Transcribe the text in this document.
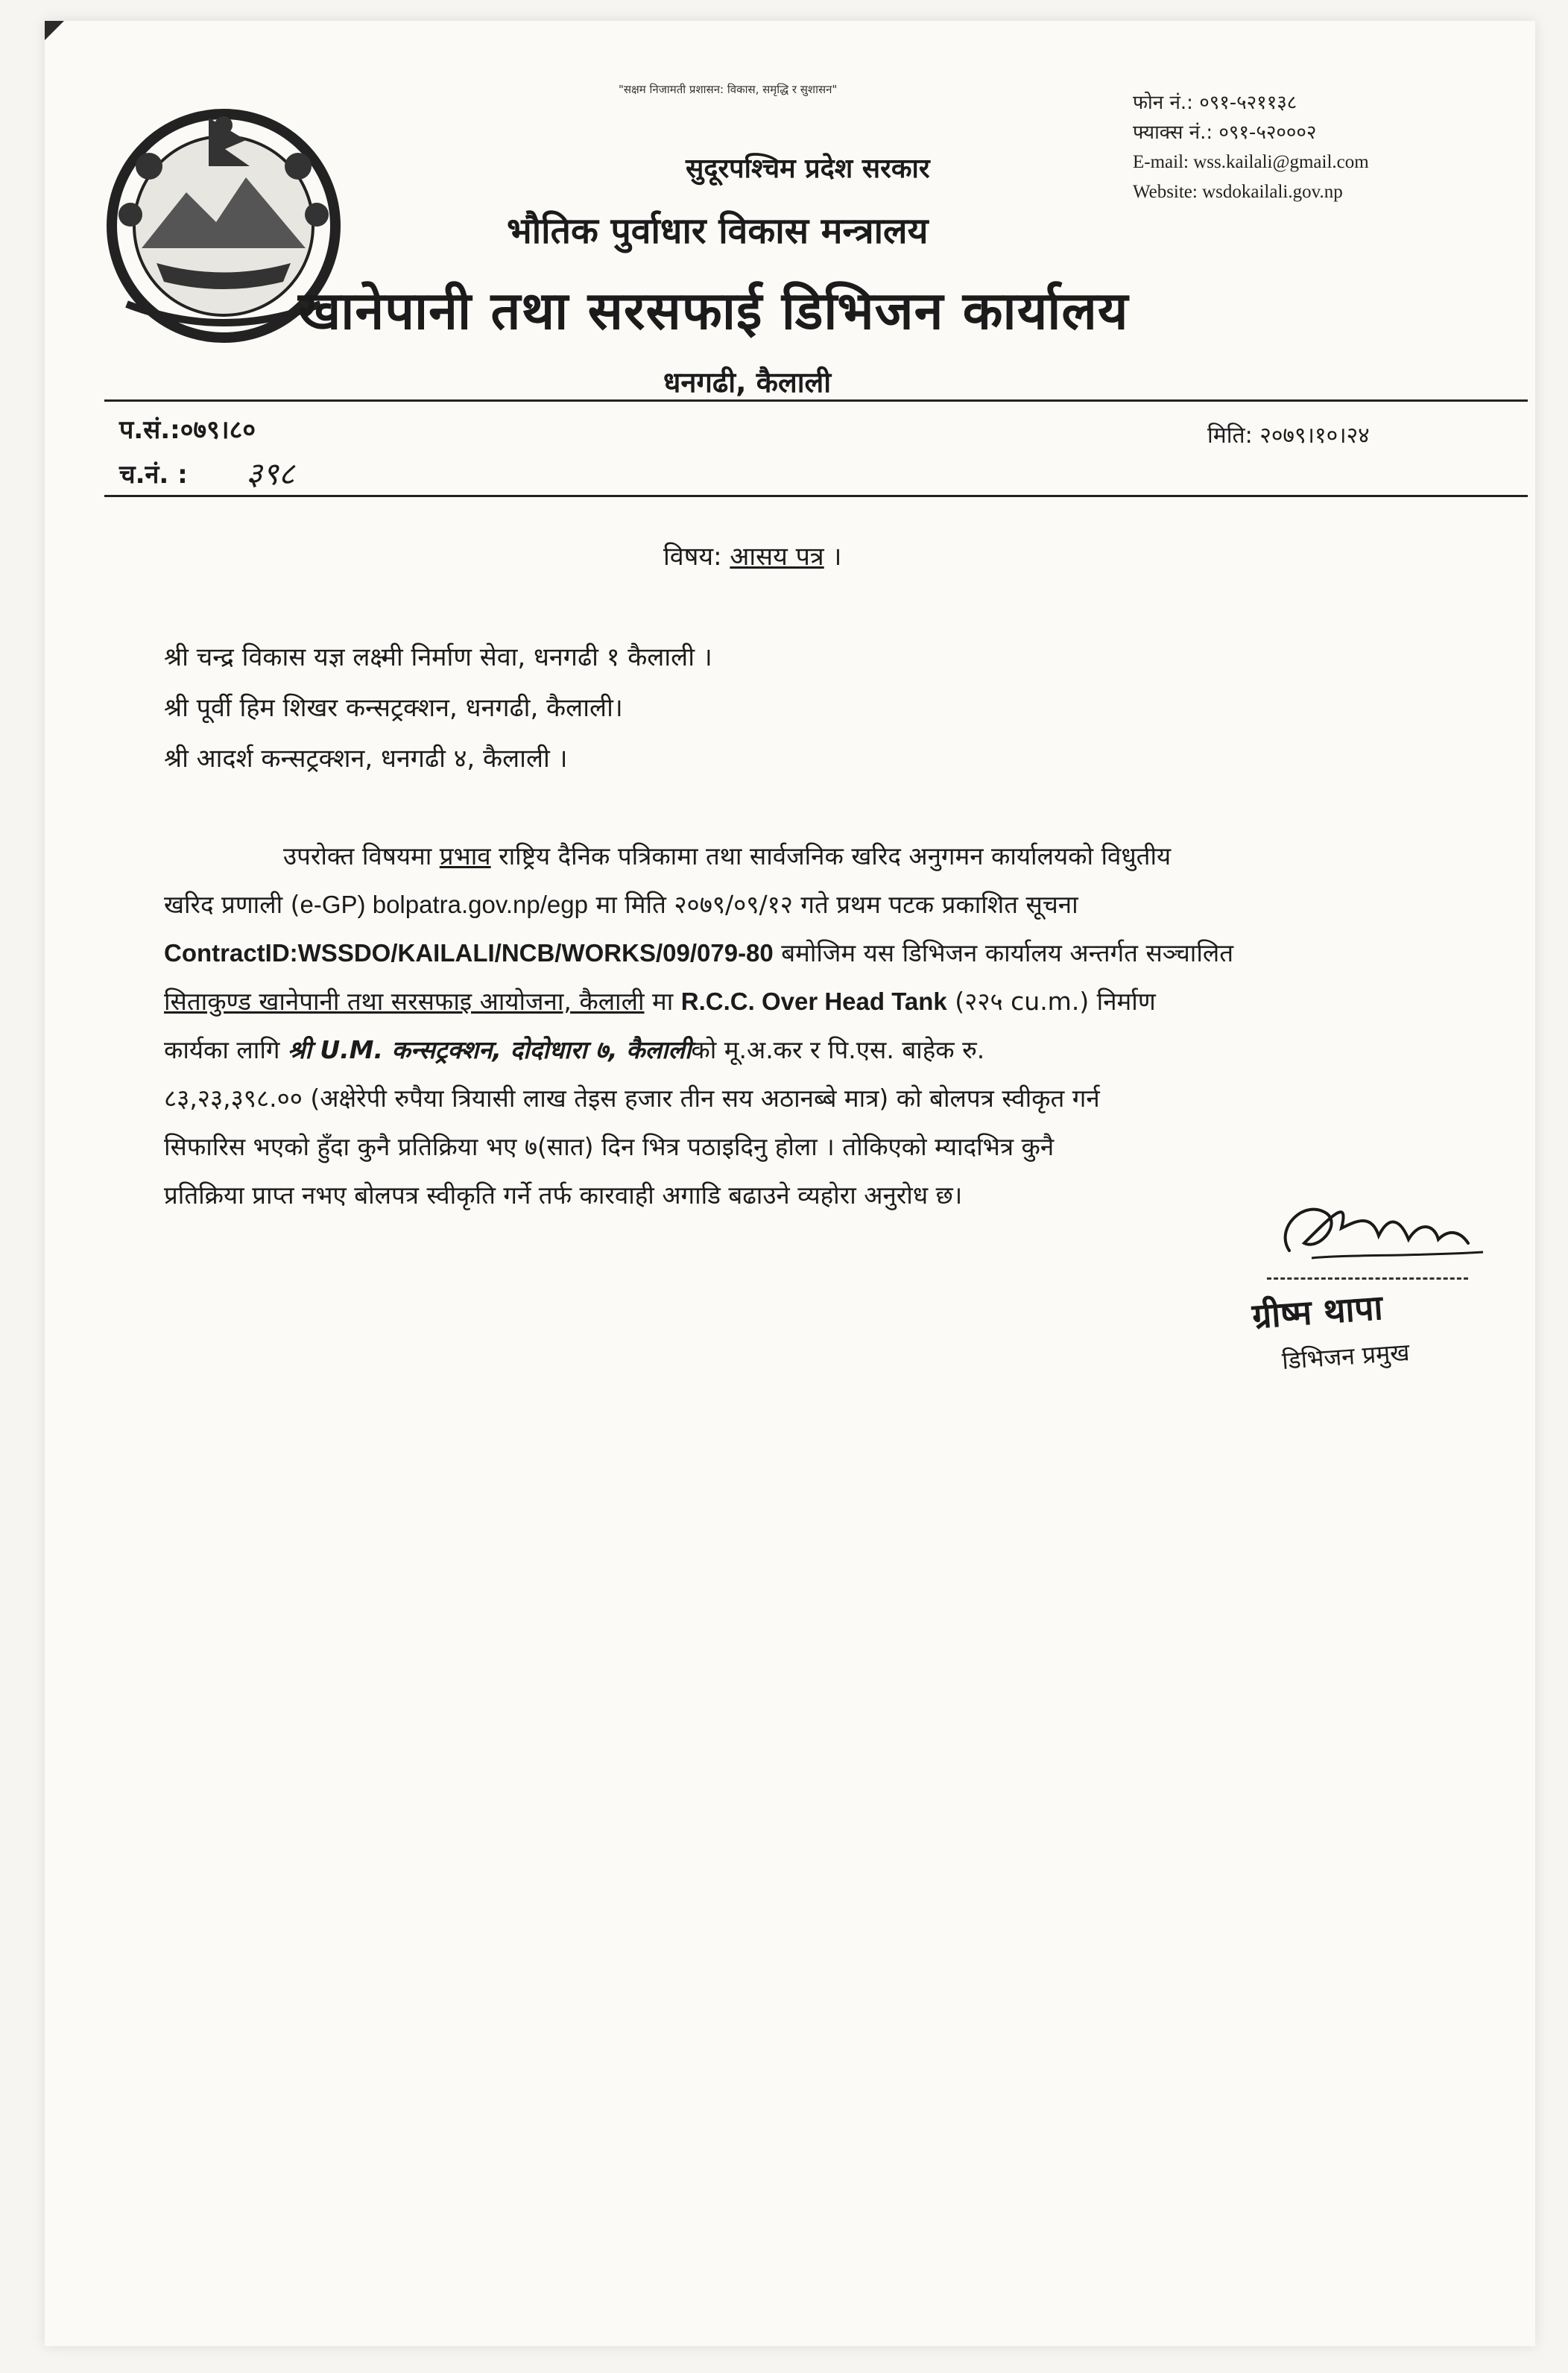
"सक्षम निजामती प्रशासन: विकास, समृद्धि र सुशासन"
फोन नं.: ०९१-५२११३८
फ्याक्स नं.: ०९१-५२०००२
E-mail: wss.kailali@gmail.com
Website: wsdokailali.gov.np
सुदूरपश्चिम प्रदेश सरकार
भौतिक पुर्वाधार विकास मन्त्रालय
खानेपानी तथा सरसफाई डिभिजन कार्यालय
धनगढी, कैलाली
प.सं.:०७९।८०
च.नं. : ३९८
मिति: २०७९।१०।२४
विषय: आसय पत्र ।
श्री चन्द्र विकास यज्ञ लक्ष्मी निर्माण सेवा, धनगढी १ कैलाली ।
श्री पूर्वी हिम शिखर कन्सट्रक्शन, धनगढी, कैलाली।
श्री आदर्श कन्सट्रक्शन, धनगढी ४, कैलाली ।
उपरोक्त विषयमा प्रभाव राष्ट्रिय दैनिक पत्रिकामा तथा सार्वजनिक खरिद अनुगमन कार्यालयको विधुतीय
खरिद प्रणाली (e-GP) bolpatra.gov.np/egp मा मिति २०७९/०९/१२ गते प्रथम पटक प्रकाशित सूचना
ContractID:WSSDO/KAILALI/NCB/WORKS/09/079-80 बमोजिम यस डिभिजन कार्यालय अन्तर्गत सञ्चालित
सिताकुण्ड खानेपानी तथा सरसफाइ आयोजना, कैलाली मा R.C.C. Over Head Tank (२२५ cu.m.) निर्माण
कार्यका लागि श्री U.M. कन्सट्रक्शन, दोदोधारा ७, कैलालीको मू.अ.कर र पि.एस. बाहेक रु.
८३,२३,३९८.०० (अक्षेरेपी रुपैया त्रियासी लाख तेइस हजार तीन सय अठानब्बे मात्र) को बोलपत्र स्वीकृत गर्न
सिफारिस भएको हुँदा कुनै प्रतिक्रिया भए ७(सात) दिन भित्र पठाइदिनु होला । तोकिएको म्यादभित्र कुनै
प्रतिक्रिया प्राप्त नभए बोलपत्र स्वीकृति गर्ने तर्फ कारवाही अगाडि बढाउने व्यहोरा अनुरोध छ।
ग्रीष्म थापा
डिभिजन प्रमुख
